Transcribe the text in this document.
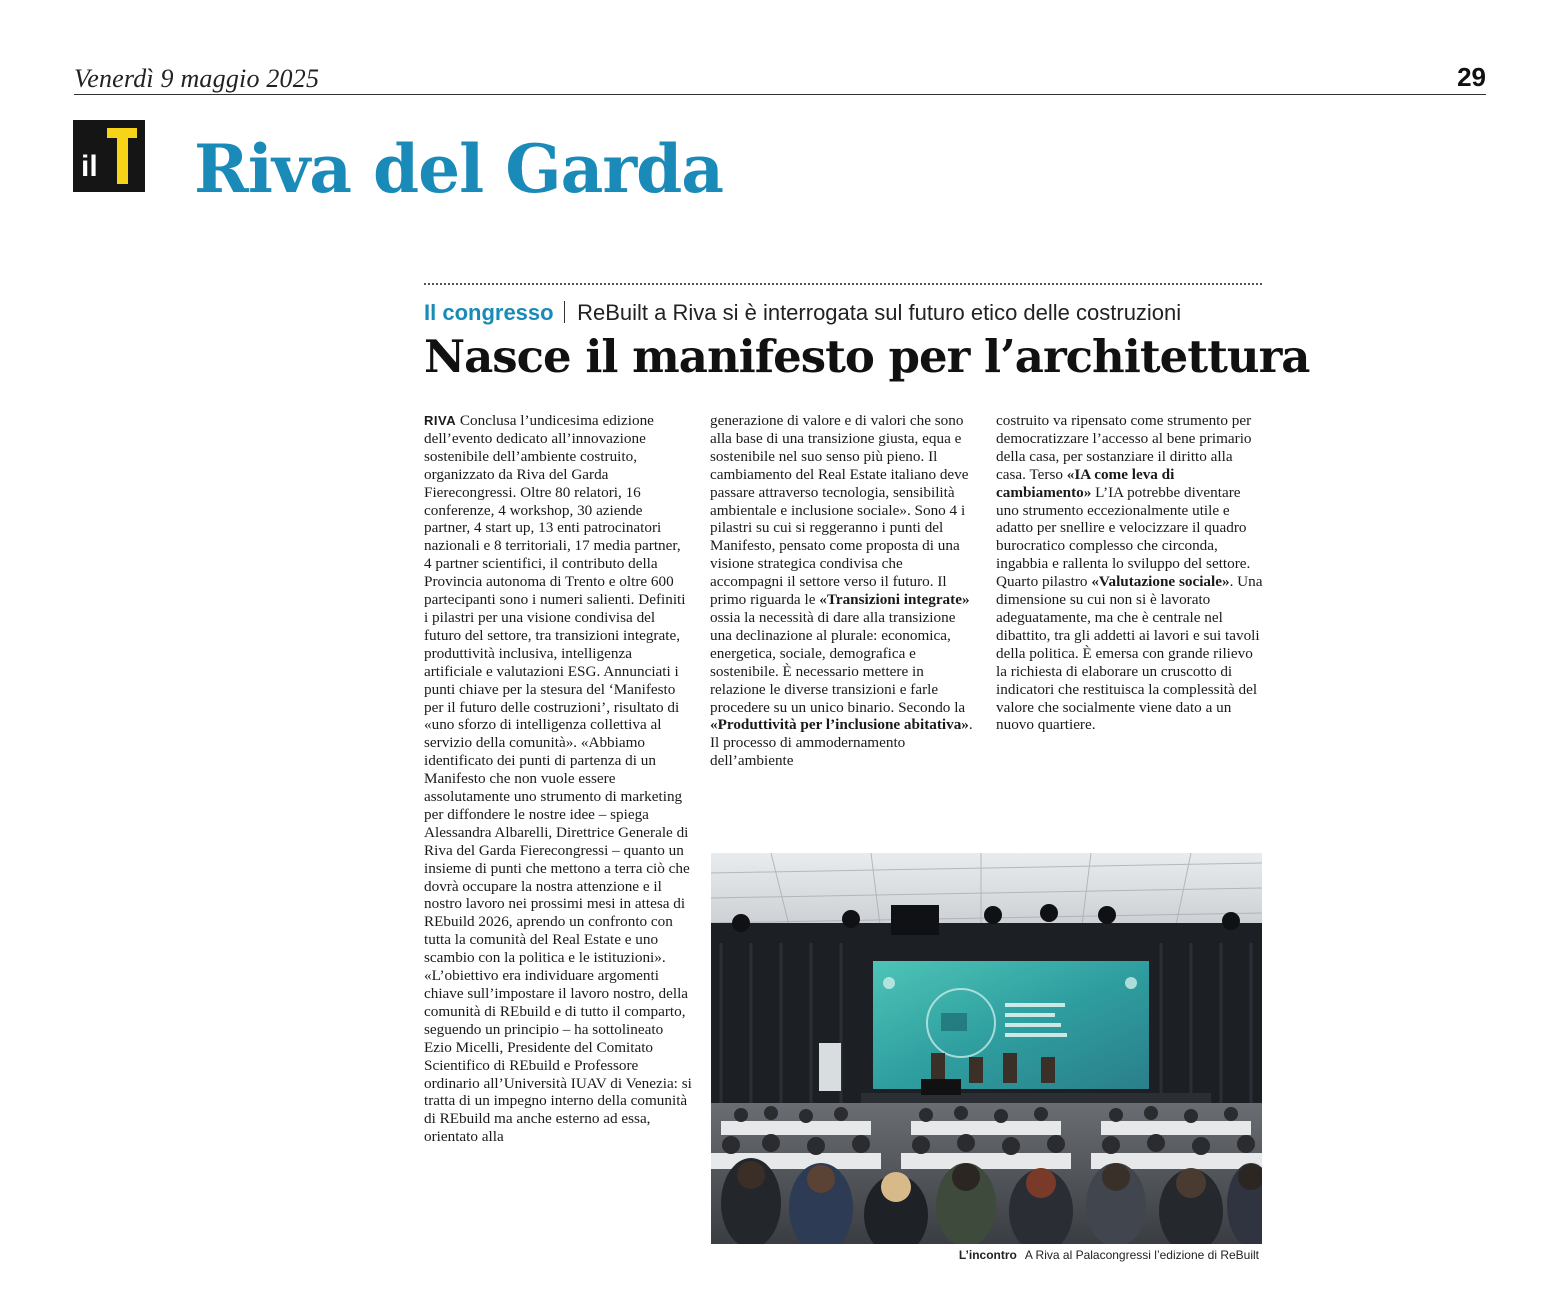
Venerdì 9 maggio 2025	29
il Riva del Garda
Il congresso ReBuilt a Riva si è interrogata sul futuro etico delle costruzioni
Nasce il manifesto per l’architettura

RIVA Conclusa l’undicesima edizione dell’evento dedicato all’innovazione sostenibile dell’ambiente costruito, organizzato da Riva del Garda Fierecongressi. Oltre 80 relatori, 16 conferenze, 4 workshop, 30 aziende partner, 4 start up, 13 enti patrocinatori nazionali e 8 territoriali, 17 media partner, 4 partner scientifici, il contributo della Provincia autonoma di Trento e oltre 600 partecipanti sono i numeri salienti. Definiti i pilastri per una visione condivisa del futuro del settore, tra transizioni integrate, produttività inclusiva, intelligenza artificiale e valutazioni ESG. Annunciati i punti chiave per la stesura del ‘Manifesto per il futuro delle costruzioni’, risultato di «uno sforzo di intelligenza collettiva al servizio della comunità». «Abbiamo identificato dei punti di partenza di un Manifesto che non vuole essere assolutamente uno strumento di marketing per diffondere le nostre idee – spiega Alessandra Albarelli, Direttrice Generale di Riva del Garda Fierecongressi – quanto un insieme di punti che mettono a terra ciò che dovrà occupare la nostra attenzione e il nostro lavoro nei prossimi mesi in attesa di REbuild 2026, aprendo un confronto con tutta la comunità del Real Estate e uno scambio con la politica e le istituzioni». «L’obiettivo era individuare argomenti chiave sull’impostare il lavoro nostro, della comunità di REbuild e di tutto il comparto, seguendo un principio – ha sottolineato Ezio Micelli, Presidente del Comitato Scientifico di REbuild e Professore ordinario all’Università IUAV di Venezia: si tratta di un impegno interno della comunità di REbuild ma anche esterno ad essa, orientato alla

generazione di valore e di valori che sono alla base di una transizione giusta, equa e sostenibile nel suo senso più pieno. Il cambiamento del Real Estate italiano deve passare attraverso tecnologia, sensibilità ambientale e inclusione sociale». Sono 4 i pilastri su cui si reggeranno i punti del Manifesto, pensato come proposta di una visione strategica condivisa che accompagni il settore verso il futuro. Il primo riguarda le «Transizioni integrate» ossia la necessità di dare alla transizione una declinazione al plurale: economica, energetica, sociale, demografica e sostenibile. È necessario mettere in relazione le diverse transizioni e farle procedere su un unico binario. Secondo la «Produttività per l’inclusione abitativa». Il processo di ammodernamento dell’ambiente

costruito va ripensato come strumento per democratizzare l’accesso al bene primario della casa, per sostanziare il diritto alla casa. Terso «IA come leva di cambiamento» L’IA potrebbe diventare uno strumento eccezionalmente utile e adatto per snellire e velocizzare il quadro burocratico complesso che circonda, ingabbia e rallenta lo sviluppo del settore. Quarto pilastro «Valutazione sociale». Una dimensione su cui non si è lavorato adeguatamente, ma che è centrale nel dibattito, tra gli addetti ai lavori e sui tavoli della politica. È emersa con grande rilievo la richiesta di elaborare un cruscotto di indicatori che restituisca la complessità del valore che socialmente viene dato a un nuovo quartiere.

L’incontro A Riva al Palacongressi l’edizione di ReBuilt
